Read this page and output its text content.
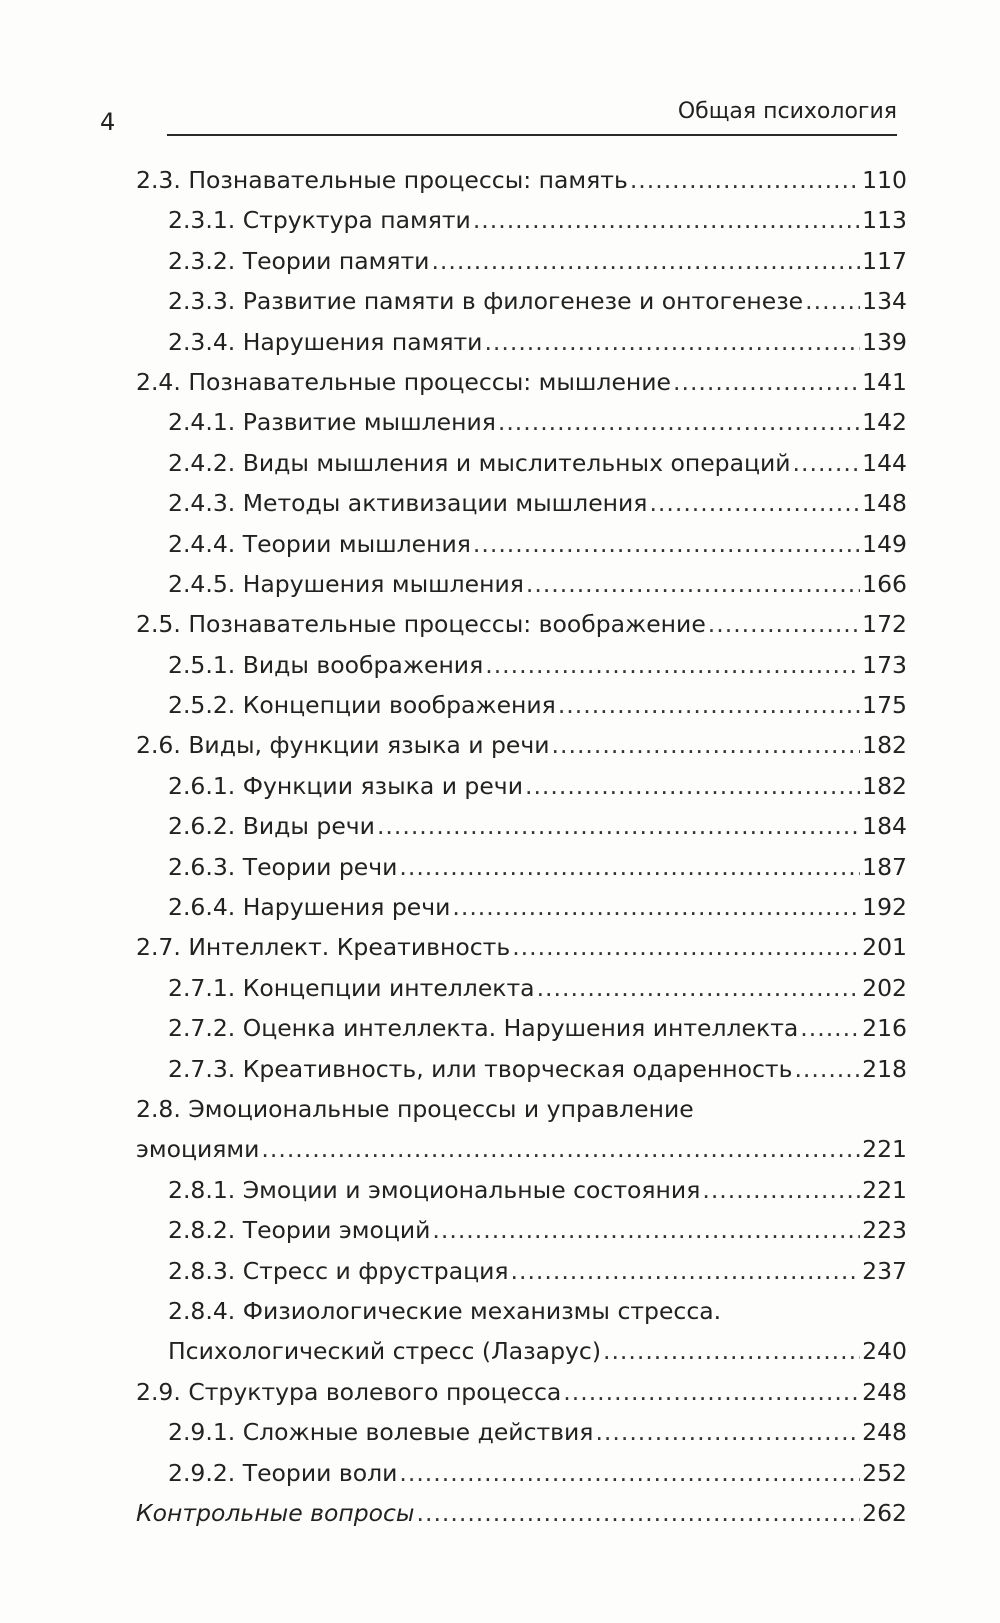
4	Общая психология
2.3. Познавательные процессы: память .....	110
2.3.1. Структура памяти .....	113
2.3.2. Теории памяти .....	117
2.3.3. Развитие памяти в филогенезе и онтогенезе .....	134
2.3.4. Нарушения памяти .....	139
2.4. Познавательные процессы: мышление .....	141
2.4.1. Развитие мышления .....	142
2.4.2. Виды мышления и мыслительных операций .....	144
2.4.3. Методы активизации мышления .....	148
2.4.4. Теории мышления .....	149
2.4.5. Нарушения мышления .....	166
2.5. Познавательные процессы: воображение .....	172
2.5.1. Виды воображения .....	173
2.5.2. Концепции воображения .....	175
2.6. Виды, функции языка и речи .....	182
2.6.1. Функции языка и речи .....	182
2.6.2. Виды речи .....	184
2.6.3. Теории речи .....	187
2.6.4. Нарушения речи .....	192
2.7. Интеллект. Креативность .....	201
2.7.1. Концепции интеллекта .....	202
2.7.2. Оценка интеллекта. Нарушения интеллекта .....	216
2.7.3. Креативность, или творческая одаренность .....	218
2.8. Эмоциональные процессы и управление
эмоциями .....	221
2.8.1. Эмоции и эмоциональные состояния .....	221
2.8.2. Теории эмоций .....	223
2.8.3. Стресс и фрустрация .....	237
2.8.4. Физиологические механизмы стресса.
Психологический стресс (Лазарус) .....	240
2.9. Структура волевого процесса .....	248
2.9.1. Сложные волевые действия .....	248
2.9.2. Теории воли .....	252
Контрольные вопросы .....	262
